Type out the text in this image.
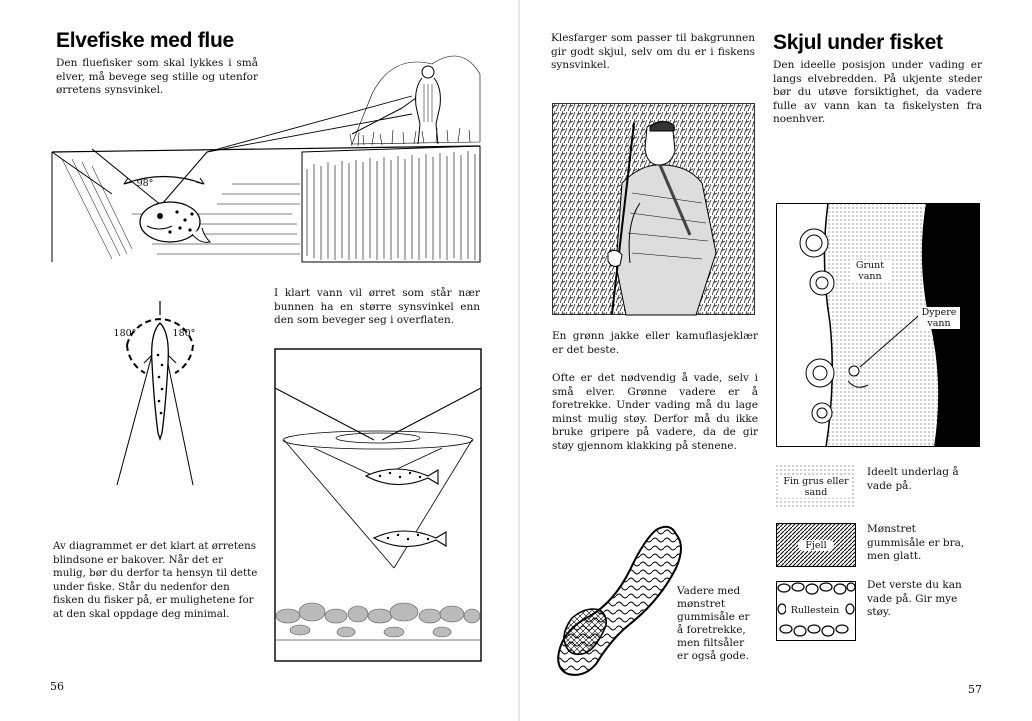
Elvefiske med flue
Den fluefisker som skal lykkes i små elver, må bevege seg stille og utenfor ørretens synsvinkel.
98°
180°	180°
I klart vann vil ørret som står nær bunnen ha en større synsvinkel enn den som beveger seg i overflaten.
Av diagrammet er det klart at ørretens blindsone er bakover. Når det er mulig, bør du derfor ta hensyn til dette under fiske. Står du nedenfor den fisken du fisker på, er mulighetene for at den skal oppdage deg minimal.
56
Klesfarger som passer til bakgrunnen gir godt skjul, selv om du er i fiskens synsvinkel.
Skjul under fisket
Den ideelle posisjon under vading er langs elvebredden. På ukjente steder bør du utøve forsiktighet, da vadere fulle av vann kan ta fiskelysten fra noenhver.
En grønn jakke eller kamuflasjeklær er det beste.
Ofte er det nødvendig å vade, selv i små elver. Grønne vadere er å foretrekke. Under vading må du lage minst mulig støy. Derfor må du ikke bruke gripere på vadere, da de gir støy gjennom klakking på stenene.
Vadere med mønstret gummisåle er å foretrekke, men filtsåler er også gode.
Grunt vann
Dypere vann
Fin grus eller sand
Ideelt underlag å vade på.
Fjell
Mønstret gummisåle er bra, men glatt.
Rullestein
Det verste du kan vade på. Gir mye støy.
57
